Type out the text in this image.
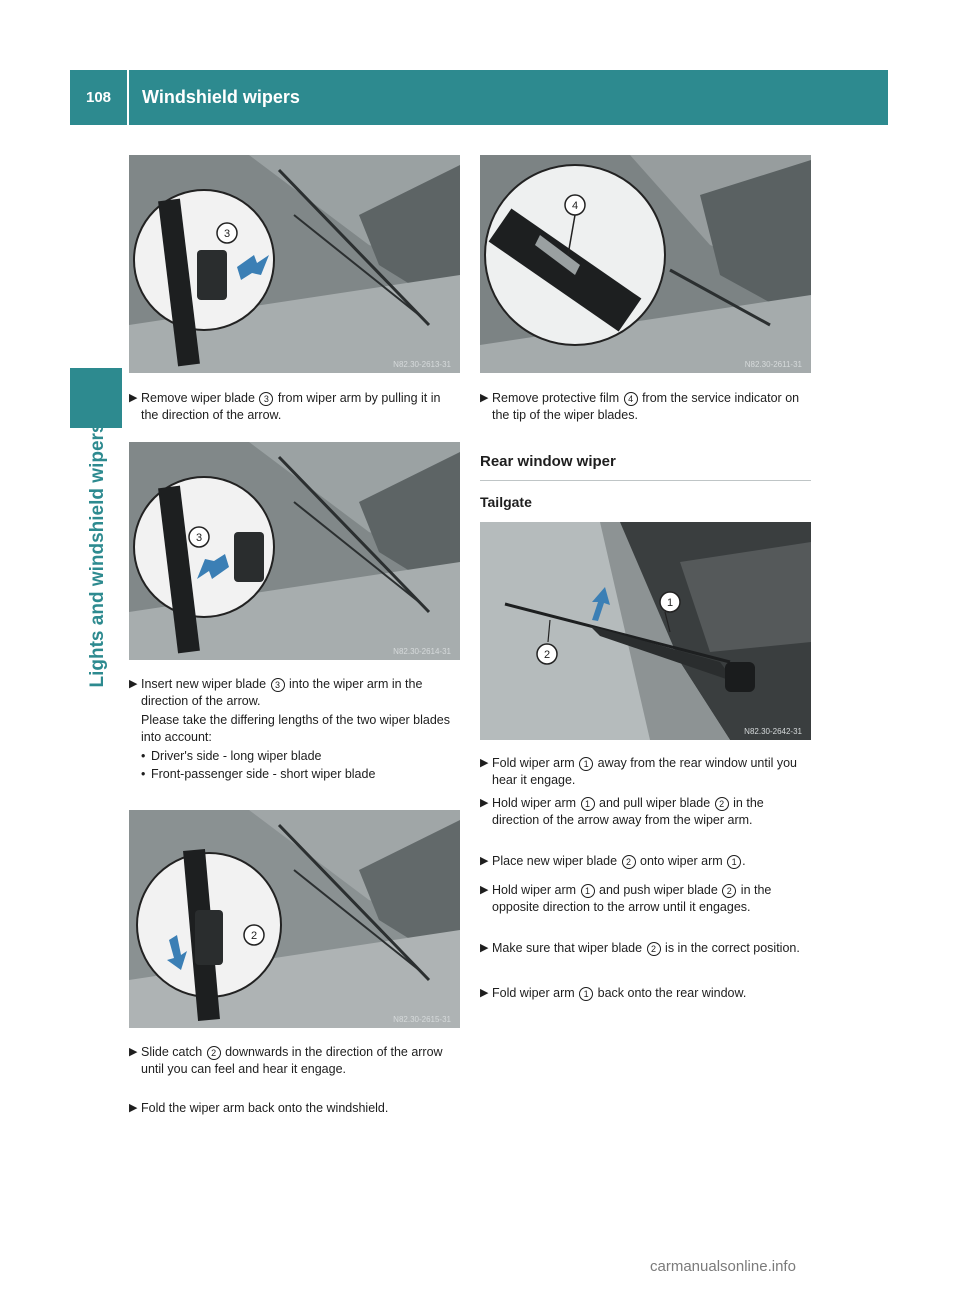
108	Windshield wipers
Lights and windshield wipers
3
N82.30-2613-31
▶
Remove wiper blade 3 from wiper arm by pulling it in the direction of the arrow.
3
N82.30-2614-31
▶
Insert new wiper blade 3 into the wiper arm in the direction of the arrow.
Please take the differing lengths of the two wiper blades into account:
• Driver's side - long wiper blade
• Front-passenger side - short wiper blade
2
N82.30-2615-31
▶
Slide catch 2 downwards in the direction of the arrow until you can feel and hear it engage.
▶
Fold the wiper arm back onto the windshield.
4
N82.30-2611-31
▶
Remove protective film 4 from the service indicator on the tip of the wiper blades.
Rear window wiper
Tailgate
1
2
N82.30-2642-31
▶
Fold wiper arm 1 away from the rear window until you hear it engage.
▶
Hold wiper arm 1 and pull wiper blade 2 in the direction of the arrow away from the wiper arm.
▶
Place new wiper blade 2 onto wiper arm 1 .
▶
Hold wiper arm 1 and push wiper blade 2 in the opposite direction to the arrow until it engages.
▶
Make sure that wiper blade 2 is in the correct position.
▶
Fold wiper arm 1 back onto the rear window.
carmanualsonline.info
